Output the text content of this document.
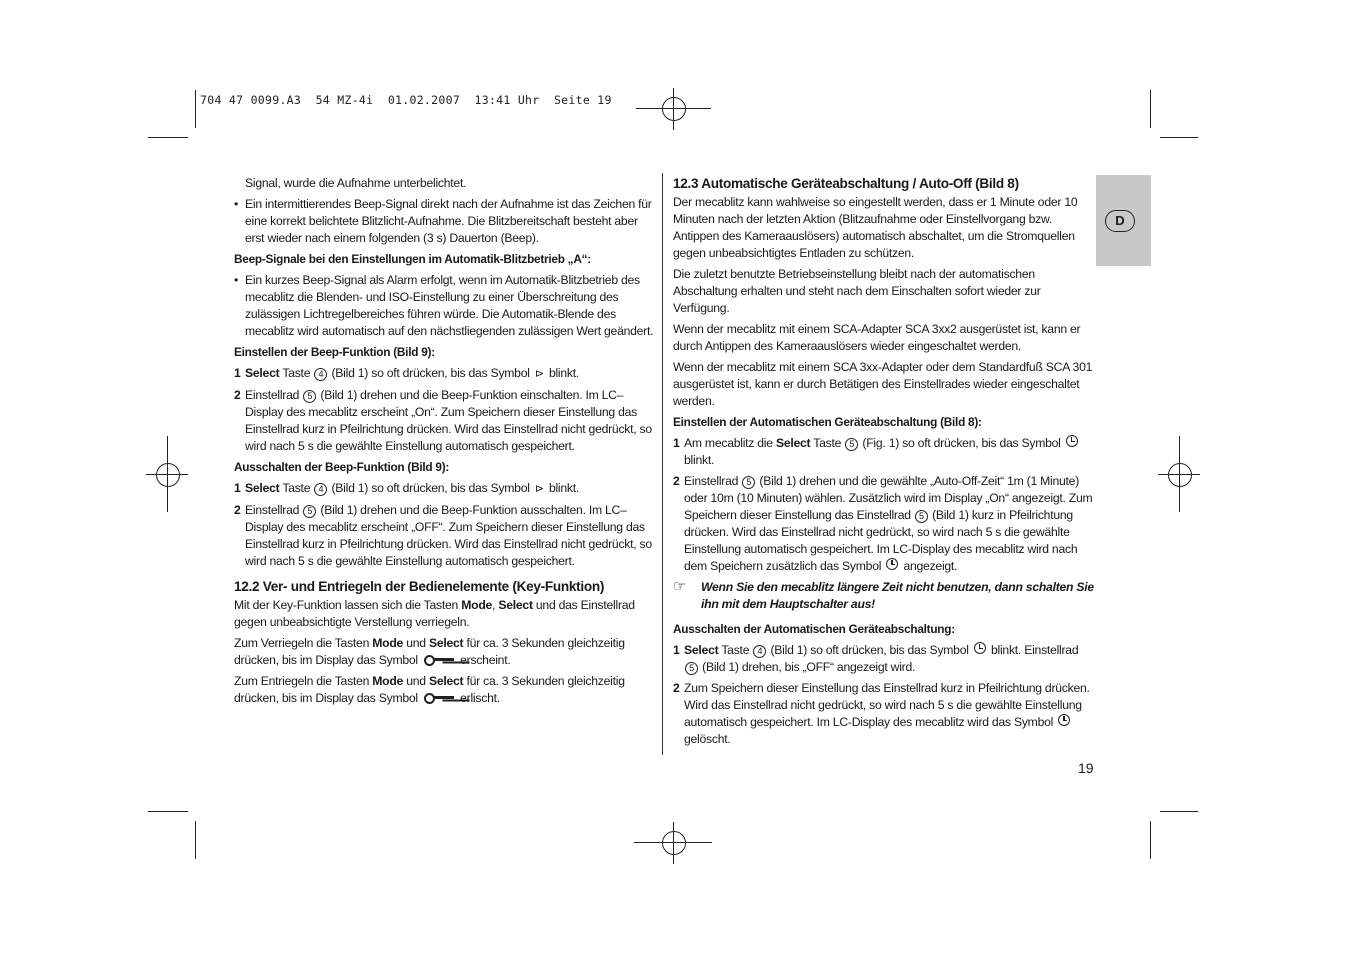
704 47 0099.A3  54 MZ-4i  01.02.2007  13:41 Uhr  Seite 19
D

Signal, wurde die Aufnahme unterbelichtet.

• Ein intermittierendes Beep-Signal direkt nach der Aufnahme ist das Zeichen für eine korrekt belichtete Blitzlicht-Aufnahme. Die Blitzbereitschaft besteht aber erst wieder nach einem folgenden (3 s) Dauerton (Beep).
Beep-Signale bei den Einstellungen im Automatik-Blitzbetrieb „A“:
• Ein kurzes Beep-Signal als Alarm erfolgt, wenn im Automatik-Blitzbetrieb des mecablitz die Blenden- und ISO-Einstellung zu einer Überschreitung des zulässigen Lichtregelbereiches führen würde. Die Automatik-Blende des mecablitz wird automatisch auf den nächstliegenden zulässigen Wert geändert.
Einstellen der Beep-Funktion (Bild 9):
1 Select Taste 4 (Bild 1) so oft drücken, bis das Symbol ⊳ blinkt.
2 Einstellrad 5 (Bild 1) drehen und die Beep-Funktion einschalten. Im LC–Display des mecablitz erscheint „On“. Zum Speichern dieser Einstellung das Einstellrad kurz in Pfeilrichtung drücken. Wird das Einstellrad nicht gedrückt, so wird nach 5 s die gewählte Einstellung automatisch gespeichert.
Ausschalten der Beep-Funktion (Bild 9):
1 Select Taste 4 (Bild 1) so oft drücken, bis das Symbol ⊳ blinkt.
2 Einstellrad 5 (Bild 1) drehen und die Beep-Funktion ausschalten. Im LC–Display des mecablitz erscheint „OFF“. Zum Speichern dieser Einstellung das Einstellrad kurz in Pfeilrichtung drücken. Wird das Einstellrad nicht gedrückt, so wird nach 5 s die gewählte Einstellung automatisch gespeichert.
12.2 Ver- und Entriegeln der Bedienelemente (Key-Funktion)

Mit der Key-Funktion lassen sich die Tasten Mode, Select und das Einstellrad gegen unbeabsichtigte Verstellung verriegeln.

Zum Verriegeln die Tasten Mode und Select für ca. 3 Sekunden gleichzeitig drücken, bis im Display das Symbol	erscheint.

Zum Entriegeln die Tasten Mode und Select für ca. 3 Sekunden gleichzeitig drücken, bis im Display das Symbol	erlischt.

12.3 Automatische Geräteabschaltung / Auto-Off (Bild 8)

Der mecablitz kann wahlweise so eingestellt werden, dass er 1 Minute oder 10 Minuten nach der letzten Aktion (Blitzaufnahme oder Einstellvorgang bzw. Antippen des Kameraauslösers) automatisch abschaltet, um die Stromquellen gegen unbeabsichtigtes Entladen zu schützen.

Die zuletzt benutzte Betriebseinstellung bleibt nach der automatischen Abschaltung erhalten und steht nach dem Einschalten sofort wieder zur Verfügung.

Wenn der mecablitz mit einem SCA-Adapter SCA 3xx2 ausgerüstet ist, kann er durch Antippen des Kameraauslösers wieder eingeschaltet werden.

Wenn der mecablitz mit einem SCA 3xx-Adapter oder dem Standardfuß SCA 301 ausgerüstet ist, kann er durch Betätigen des Einstellrades wieder eingeschaltet werden.

Einstellen der Automatischen Geräteabschaltung (Bild 8):
1 Am mecablitz die Select Taste 5 (Fig. 1) so oft drücken, bis das Symbol  blinkt.
2 Einstellrad 5 (Bild 1) drehen und die gewählte „Auto-Off-Zeit“ 1m (1 Minute) oder 10m (10 Minuten) wählen. Zusätzlich wird im Display „On“ angezeigt. Zum Speichern dieser Einstellung das Einstellrad 5 (Bild 1) kurz in Pfeilrichtung drücken. Wird das Einstellrad nicht gedrückt, so wird nach 5 s die gewählte Einstellung automatisch gespeichert. Im LC-Display des mecablitz wird nach dem Speichern zusätzlich das Symbol  angezeigt.
☞ Wenn Sie den mecablitz längere Zeit nicht benutzen, dann schalten Sie ihn mit dem Hauptschalter aus!
Ausschalten der Automatischen Geräteabschaltung:
1 Select Taste 4 (Bild 1) so oft drücken, bis das Symbol  blinkt. Einstellrad 5 (Bild 1) drehen, bis „OFF“ angezeigt wird.
2 Zum Speichern dieser Einstellung das Einstellrad kurz in Pfeilrichtung drücken. Wird das Einstellrad nicht gedrückt, so wird nach 5 s die gewählte Einstellung automatisch gespeichert. Im LC-Display des mecablitz wird das Symbol  gelöscht.
19
